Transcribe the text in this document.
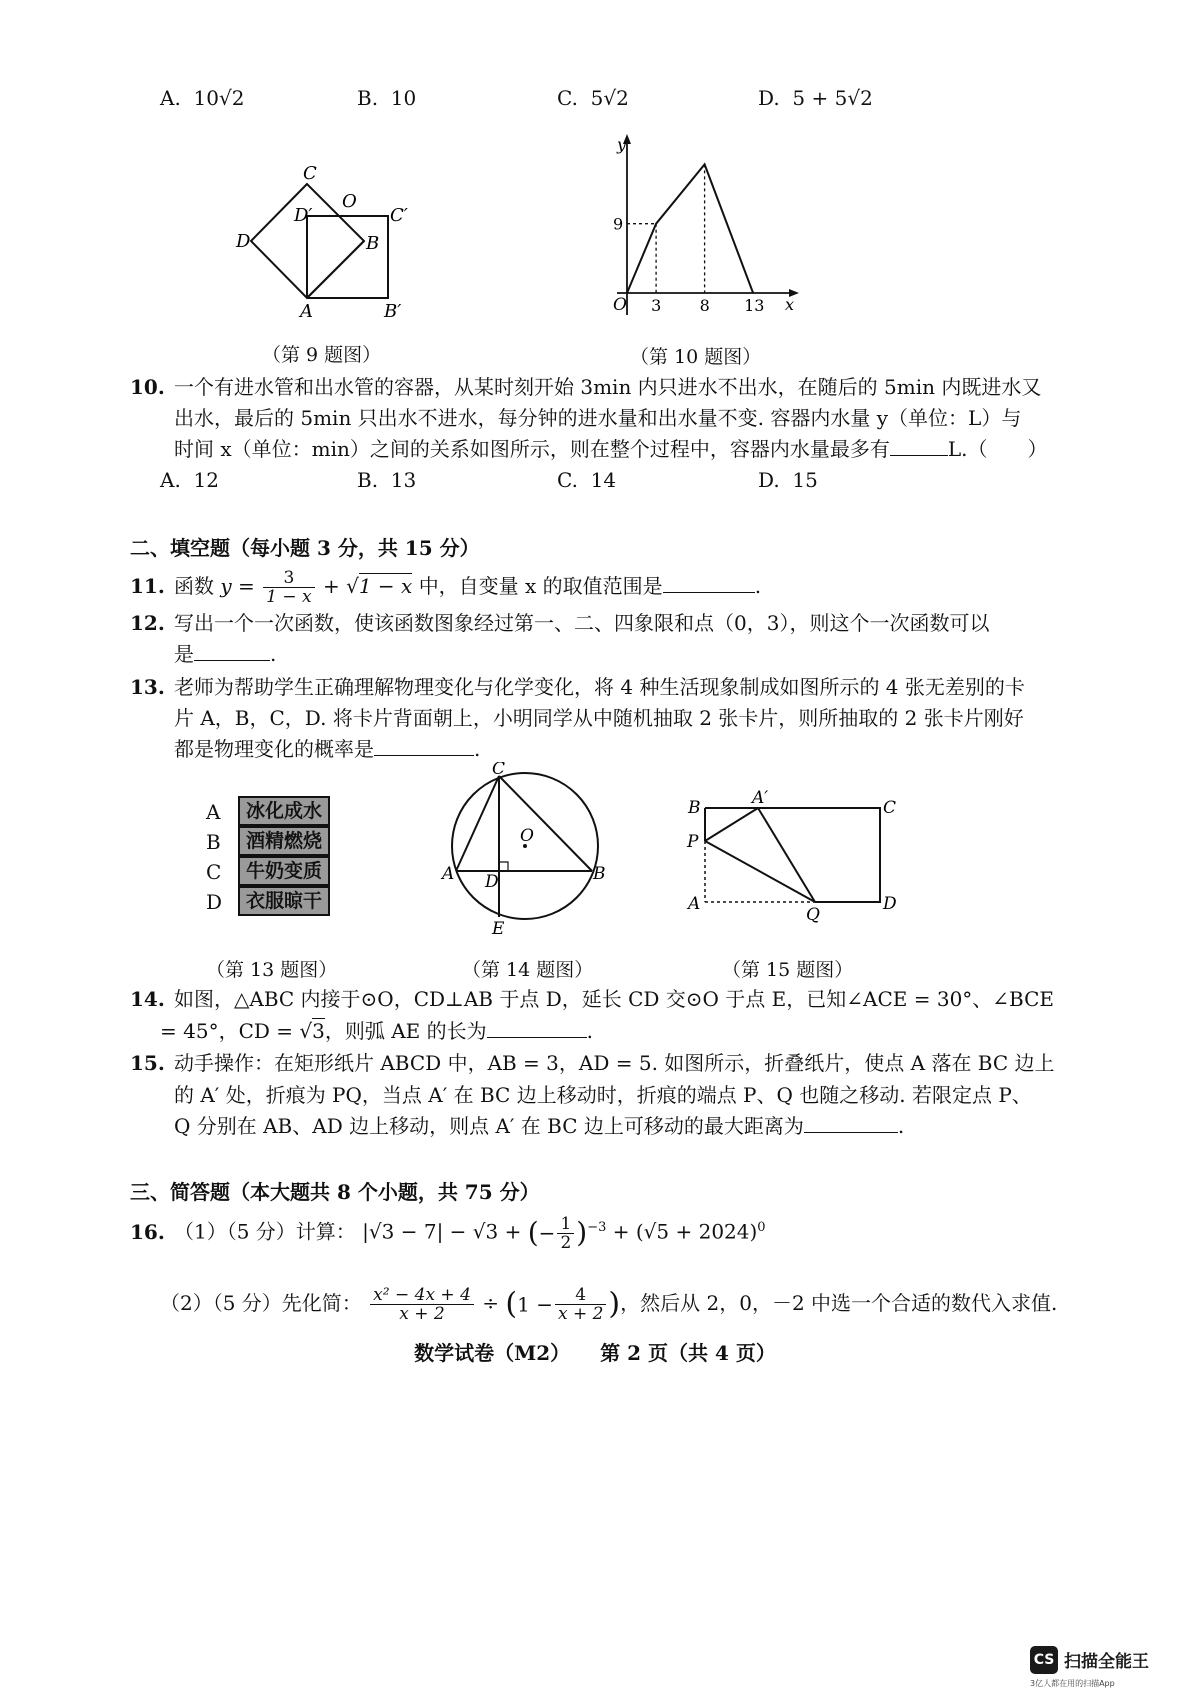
A. 10√2	B. 10	C. 5√2	D. 5 + 5√2
C
D
A
B
O
D′	C′
B′
（第 9 题图）
y
x
O 3 8 13
9
（第 10 题图）
10. 一个有进水管和出水管的容器，从某时刻开始 3min 内只进水不出水，在随后的 5min 内既进水又
出水，最后的 5min 只出水不进水，每分钟的进水量和出水量不变. 容器内水量 y（单位：L）与
时间 x（单位：min）之间的关系如图所示，则在整个过程中，容器内水量最多有	L.（　　）
A. 12	B. 13	C. 14	D. 15
二、填空题（每小题 3 分，共 15 分）
11. 函数 $y = \frac{3}{1 - x} + √1 - x$ 中，自变量 x 的取值范围是	.
12. 写出一个一次函数，使该函数图象经过第一、二、四象限和点（0，3），则这个一次函数可以
是	.
13. 老师为帮助学生正确理解物理变化与化学变化，将 4 种生活现象制成如图所示的 4 张无差别的卡
片 A，B，C，D. 将卡片背面朝上，小明同学从中随机抽取 2 张卡片，则所抽取的 2 张卡片刚好
都是物理变化的概率是	.
A	冰化成水
B	酒精燃烧
C	牛奶变质
D	衣服晾干
（第 13 题图）
C
O
A D	B
E
（第 14 题图）
B	A′	C
P
A
Q
D
（第 15 题图）
14. 如图，△ABC 内接于⊙O，CD⊥AB 于点 D，延长 CD 交⊙O 于点 E，已知∠ACE = 30°、∠BCE
= 45°，CD = √3，则弧 AE 的长为	.
15. 动手操作：在矩形纸片 ABCD 中，AB = 3，AD = 5. 如图所示，折叠纸片，使点 A 落在 BC 边上
的 A′ 处，折痕为 PQ，当点 A′ 在 BC 边上移动时，折痕的端点 P、Q 也随之移动. 若限定点 P、
Q 分别在 AB、AD 边上移动，则点 A′ 在 BC 边上可移动的最大距离为	.
三、简答题（本大题共 8 个小题，共 75 分）
16. （1）（5 分）计算： |√3 − 7| − √3 + (− $\frac{1}{2} )^{-3} + (√5 + 2024)^0$
（2）（5 分）先化简： $\frac{\text{x² − 4x + 4}}{x + 2} \div (1 - \frac{4}{x + 2}$ )，然后从 2，0，－2 中选一个合适的数代入求值.
数学试卷（M2）　　第 2 页（共 4 页）
CS 扫描全能王
3亿人都在用的扫描App
